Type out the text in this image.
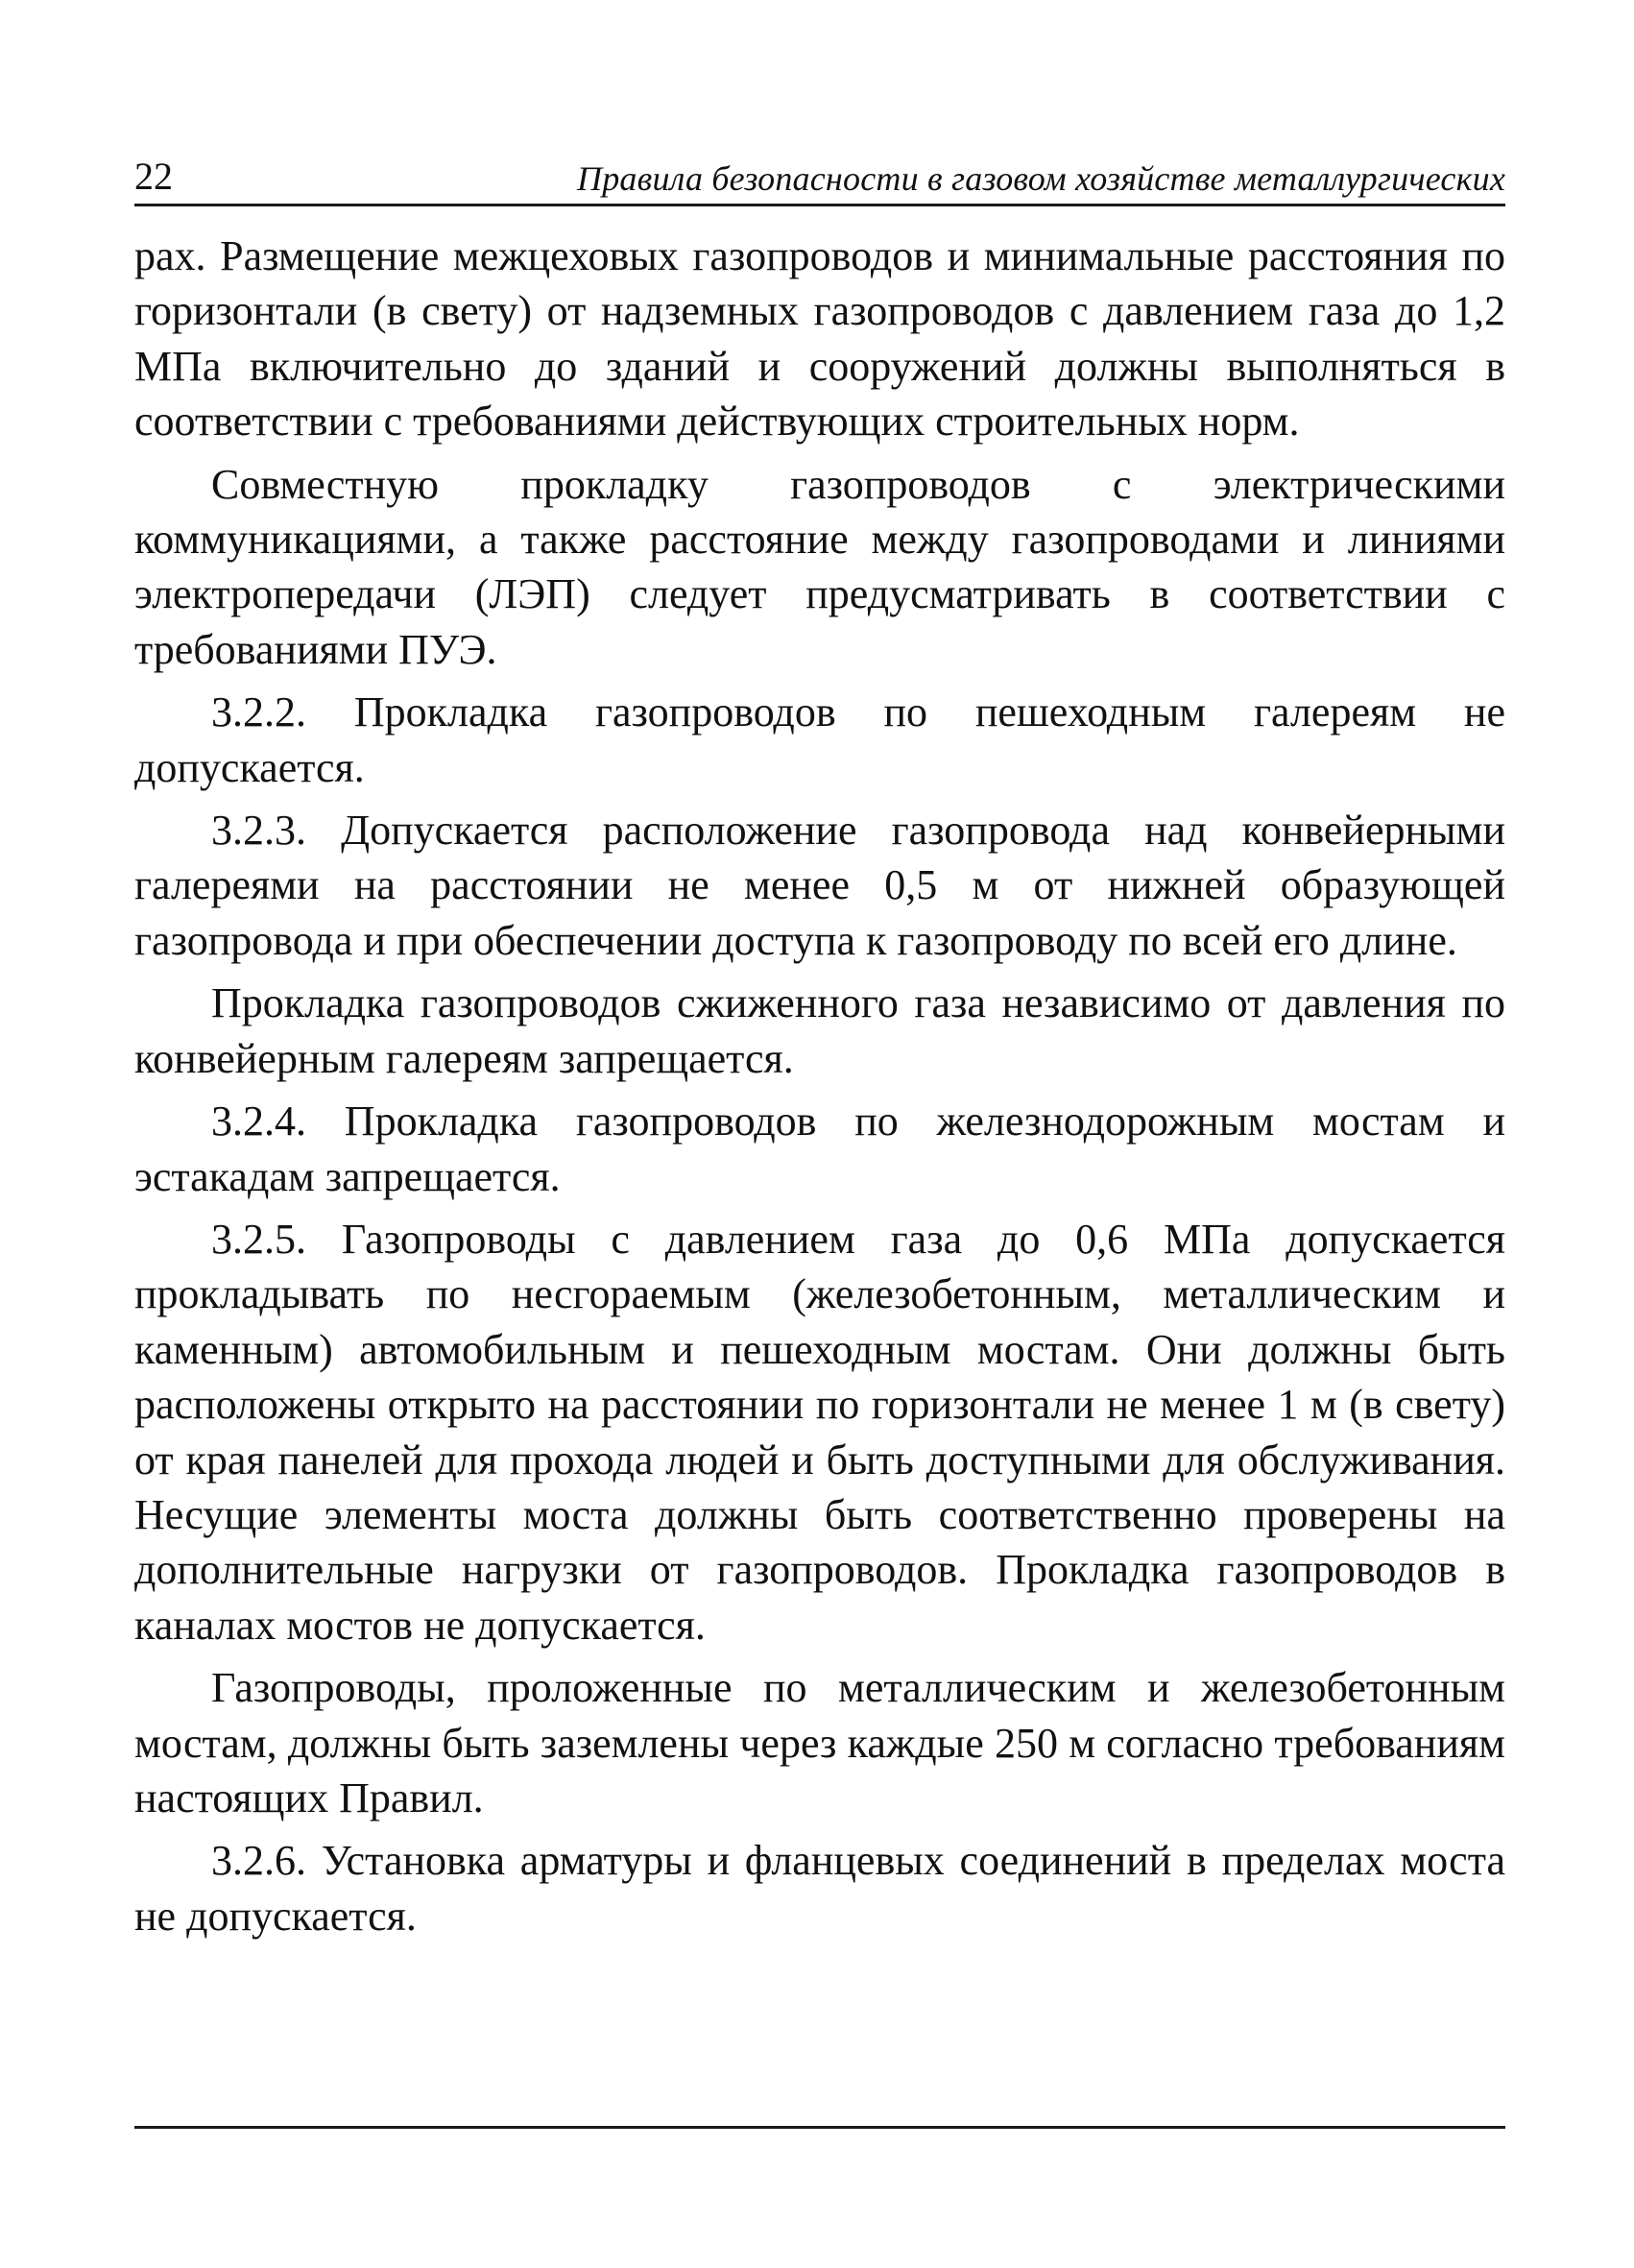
22	Правила безопасности в газовом хозяйстве металлургических

рах. Размещение межцеховых газопроводов и минимальные расстояния по горизонтали (в свету) от надземных газопроводов с давлением газа до 1,2 МПа включительно до зданий и сооружений должны выполняться в соответствии с требованиями действующих строительных норм.

Совместную прокладку газопроводов с электрическими коммуникациями, а также расстояние между газопроводами и линиями электропередачи (ЛЭП) следует предусматривать в соответствии с требованиями ПУЭ.

3.2.2. Прокладка газопроводов по пешеходным галереям не допускается.

3.2.3. Допускается расположение газопровода над конвейерными галереями на расстоянии не менее 0,5 м от нижней образующей газопровода и при обеспечении доступа к газопроводу по всей его длине.

Прокладка газопроводов сжиженного газа независимо от давления по конвейерным галереям запрещается.

3.2.4. Прокладка газопроводов по железнодорожным мостам и эстакадам запрещается.

3.2.5. Газопроводы с давлением газа до 0,6 МПа допускается прокладывать по несгораемым (железобетонным, металлическим и каменным) автомобильным и пешеходным мостам. Они должны быть расположены открыто на расстоянии по горизонтали не менее 1 м (в свету) от края панелей для прохода людей и быть доступными для обслуживания. Несущие элементы моста должны быть соответственно проверены на дополнительные нагрузки от газопроводов. Прокладка газопроводов в каналах мостов не допускается.

Газопроводы, проложенные по металлическим и железобетонным мостам, должны быть заземлены через каждые 250 м согласно требованиям настоящих Правил.

3.2.6. Установка арматуры и фланцевых соединений в пределах моста не допускается.
